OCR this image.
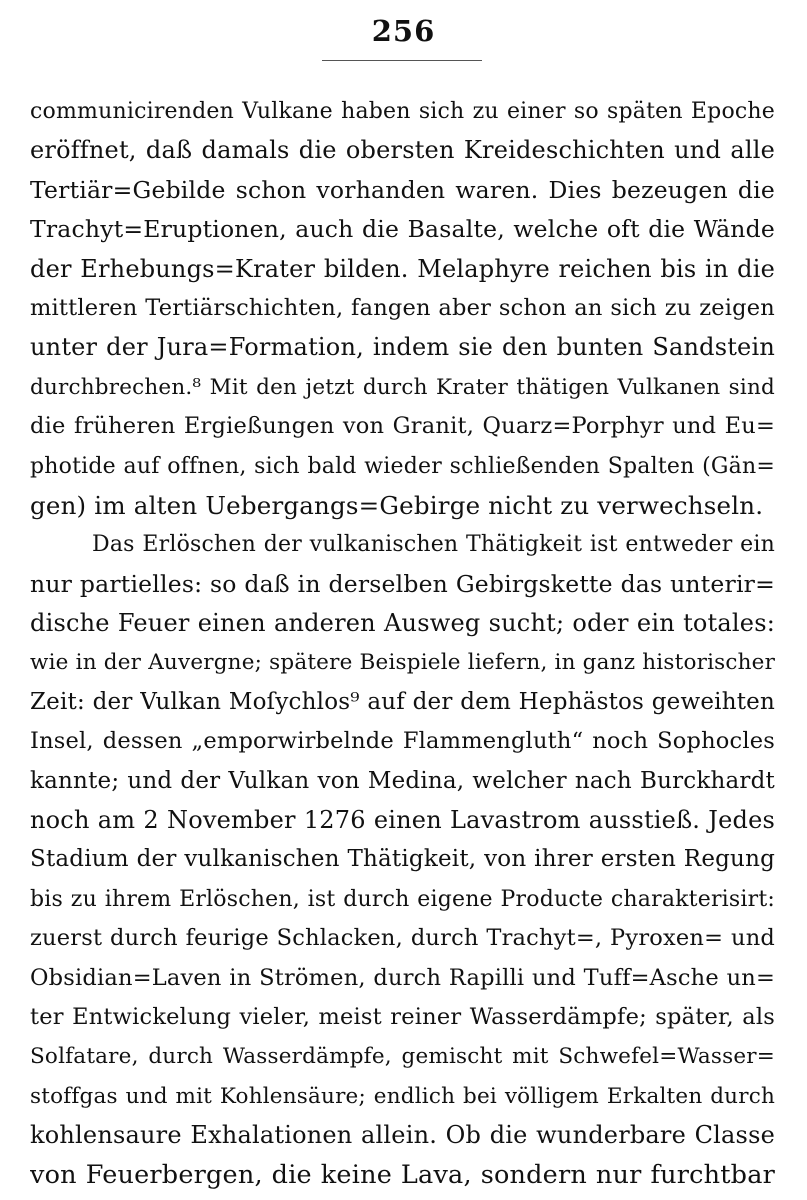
256
communicirenden Vulkane haben sich zu einer so späten Epoche
eröffnet, daß damals die obersten Kreideschichten und alle
Tertiär=Gebilde schon vorhanden waren. Dies bezeugen die
Trachyt=Eruptionen, auch die Basalte, welche oft die Wände
der Erhebungs=Krater bilden. Melaphyre reichen bis in die
mittleren Tertiärschichten, fangen aber schon an sich zu zeigen
unter der Jura=Formation, indem sie den bunten Sandstein
durchbrechen.⁸ Mit den jetzt durch Krater thätigen Vulkanen sind
die früheren Ergießungen von Granit, Quarz=Porphyr und Eu=
photide auf offnen, sich bald wieder schließenden Spalten (Gän=
gen) im alten Uebergangs=Gebirge nicht zu verwechseln.
Das Erlöschen der vulkanischen Thätigkeit ist entweder ein
nur partielles: so daß in derselben Gebirgskette das unterir=
dische Feuer einen anderen Ausweg sucht; oder ein totales:
wie in der Auvergne; spätere Beispiele liefern, in ganz historischer
Zeit: der Vulkan Moſychlos⁹ auf der dem Hephästos geweihten
Insel, dessen „emporwirbelnde Flammengluth“ noch Sophocles
kannte; und der Vulkan von Medina, welcher nach Burckhardt
noch am 2 November 1276 einen Lavastrom ausstieß. Jedes
Stadium der vulkanischen Thätigkeit, von ihrer ersten Regung
bis zu ihrem Erlöschen, ist durch eigene Producte charakterisirt:
zuerst durch feurige Schlacken, durch Trachyt=, Pyroxen= und
Obsidian=Laven in Strömen, durch Rapilli und Tuff=Asche un=
ter Entwickelung vieler, meist reiner Wasserdämpfe; später, als
Solfatare, durch Wasserdämpfe, gemischt mit Schwefel=Wasser=
stoffgas und mit Kohlensäure; endlich bei völligem Erkalten durch
kohlensaure Exhalationen allein. Ob die wunderbare Classe
von Feuerbergen, die keine Lava, sondern nur furchtbar
